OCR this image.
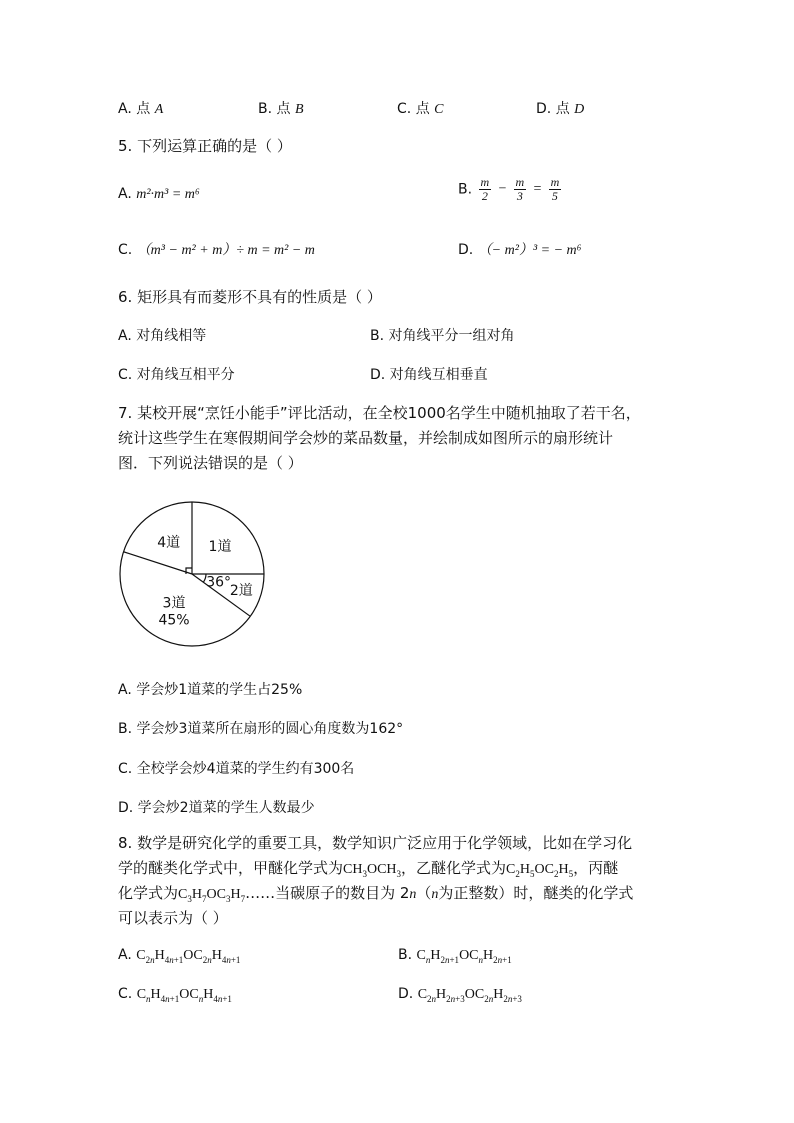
A. 点 A	B. 点 B	C. 点 C	D. 点 D
5. 下列运算正确的是（ ）
A. m²·m³ = m⁶	B. $\frac{m}{2} - \frac{m}{3} = \frac{m}{5}$
C. （m³ − m² + m）÷ m = m² − m	D. （− m²）³ = − m⁶
6. 矩形具有而菱形不具有的性质是（ ）
A. 对角线相等	B. 对角线平分一组对角
C. 对角线互相平分	D. 对角线互相垂直
7. 某校开展“烹饪小能手”评比活动，在全校1000名学生中随机抽取了若干名，
统计这些学生在寒假期间学会炒的菜品数量，并绘制成如图所示的扇形统计
图．下列说法错误的是（ ）
1道
2道
3道
45%
4道
36°
A. 学会炒1道菜的学生占25%
B. 学会炒3道菜所在扇形的圆心角度数为162°
C. 全校学会炒4道菜的学生约有300名
D. 学会炒2道菜的学生人数最少
8. 数学是研究化学的重要工具，数学知识广泛应用于化学领域，比如在学习化
学的醚类化学式中，甲醚化学式为$CH_3OCH_3$，乙醚化学式为$C_2H_5OC_2H_5$，丙醚
化学式为$C_3H_7OC_3H_7\dots\dots$当碳原子的数目为 2n（n为正整数）时，醚类的化学式
可以表示为（ ）
A. $C_{2n}H_{4n+1}OC_{2n}H_{4n+1}$	B. $C_nH_{2n+1}OC_nH_{2n+1}$
C. $C_nH_{4n+1}OC_nH_{4n+1}$	D. $C_{2n}H_{2n+3}OC_{2n}H_{2n+3}$
